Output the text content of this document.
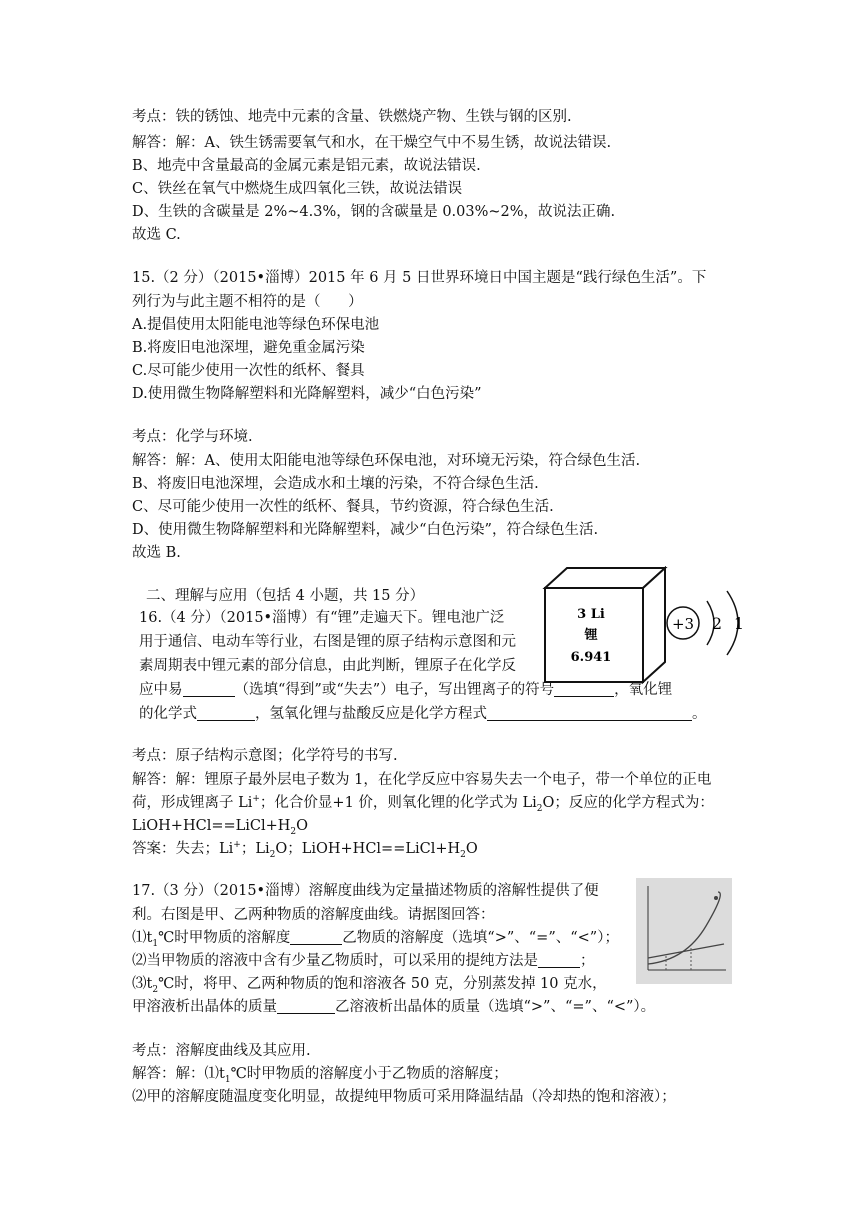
考点：铁的锈蚀、地壳中元素的含量、铁燃烧产物、生铁与钢的区别.
解答：解：A、铁生锈需要氧气和水，在干燥空气中不易生锈，故说法错误.
B、地壳中含量最高的金属元素是铝元素，故说法错误.
C、铁丝在氧气中燃烧生成四氧化三铁，故说法错误
D、生铁的含碳量是 2%~4.3%，钢的含碳量是 0.03%~2%，故说法正确.
故选 C.
15.（2 分）（2015•淄博）2015 年 6 月 5 日世界环境日中国主题是“践行绿色生活”。下
列行为与此主题不相符的是（      ）
A.提倡使用太阳能电池等绿色环保电池
B.将废旧电池深埋，避免重金属污染
C.尽可能少使用一次性的纸杯、餐具
D.使用微生物降解塑料和光降解塑料，减少“白色污染”
考点：化学与环境.
解答：解：A、使用太阳能电池等绿色环保电池，对环境无污染，符合绿色生活.
B、将废旧电池深埋，会造成水和土壤的污染，不符合绿色生活.
C、尽可能少使用一次性的纸杯、餐具，节约资源，符合绿色生活.
D、使用微生物降解塑料和光降解塑料，减少“白色污染”，符合绿色生活.
故选 B.
二、理解与应用（包括 4 小题，共 15 分）
16.（4 分）（2015•淄博）有“锂”走遍天下。锂电池广泛
用于通信、电动车等行业，右图是锂的原子结构示意图和元
素周期表中锂元素的部分信息，由此判断，锂原子在化学反
应中易	（选填“得到”或“失去”）电子，写出锂离子的符号	，氧化锂
的化学式	，氢氧化锂与盐酸反应是化学方程式	。
3 Li
锂
6.941
+3 2 1
考点：原子结构示意图；化学符号的书写.
解答：解：锂原子最外层电子数为 1，在化学反应中容易失去一个电子，带一个单位的正电
荷，形成锂离子 Li+；化合价显+1 价，则氧化锂的化学式为 $Li_2O$；反应的化学方程式为：
$LiOH+HCl==LiCl+H_2O$
答案：失去；Li+；$Li_2O$；$LiOH+HCl==LiCl+H_2O$
17.（3 分）（2015•淄博）溶解度曲线为定量描述物质的溶解性提供了便
利。右图是甲、乙两种物质的溶解度曲线。请据图回答：
$⑴t_1℃$时甲物质的溶解度	乙物质的溶解度（选填“>”、“=”、“<”）；
⑵当甲物质的溶液中含有少量乙物质时，可以采用的提纯方法是	；
$⑶t_2℃$时，将甲、乙两种物质的饱和溶液各 50 克，分别蒸发掉 10 克水，
甲溶液析出晶体的质量	乙溶液析出晶体的质量（选填“>”、“=”、“<”）。
考点：溶解度曲线及其应用.
解答：解：$⑴t_1℃$时甲物质的溶解度小于乙物质的溶解度；
⑵甲的溶解度随温度变化明显，故提纯甲物质可采用降温结晶（冷却热的饱和溶液）；
